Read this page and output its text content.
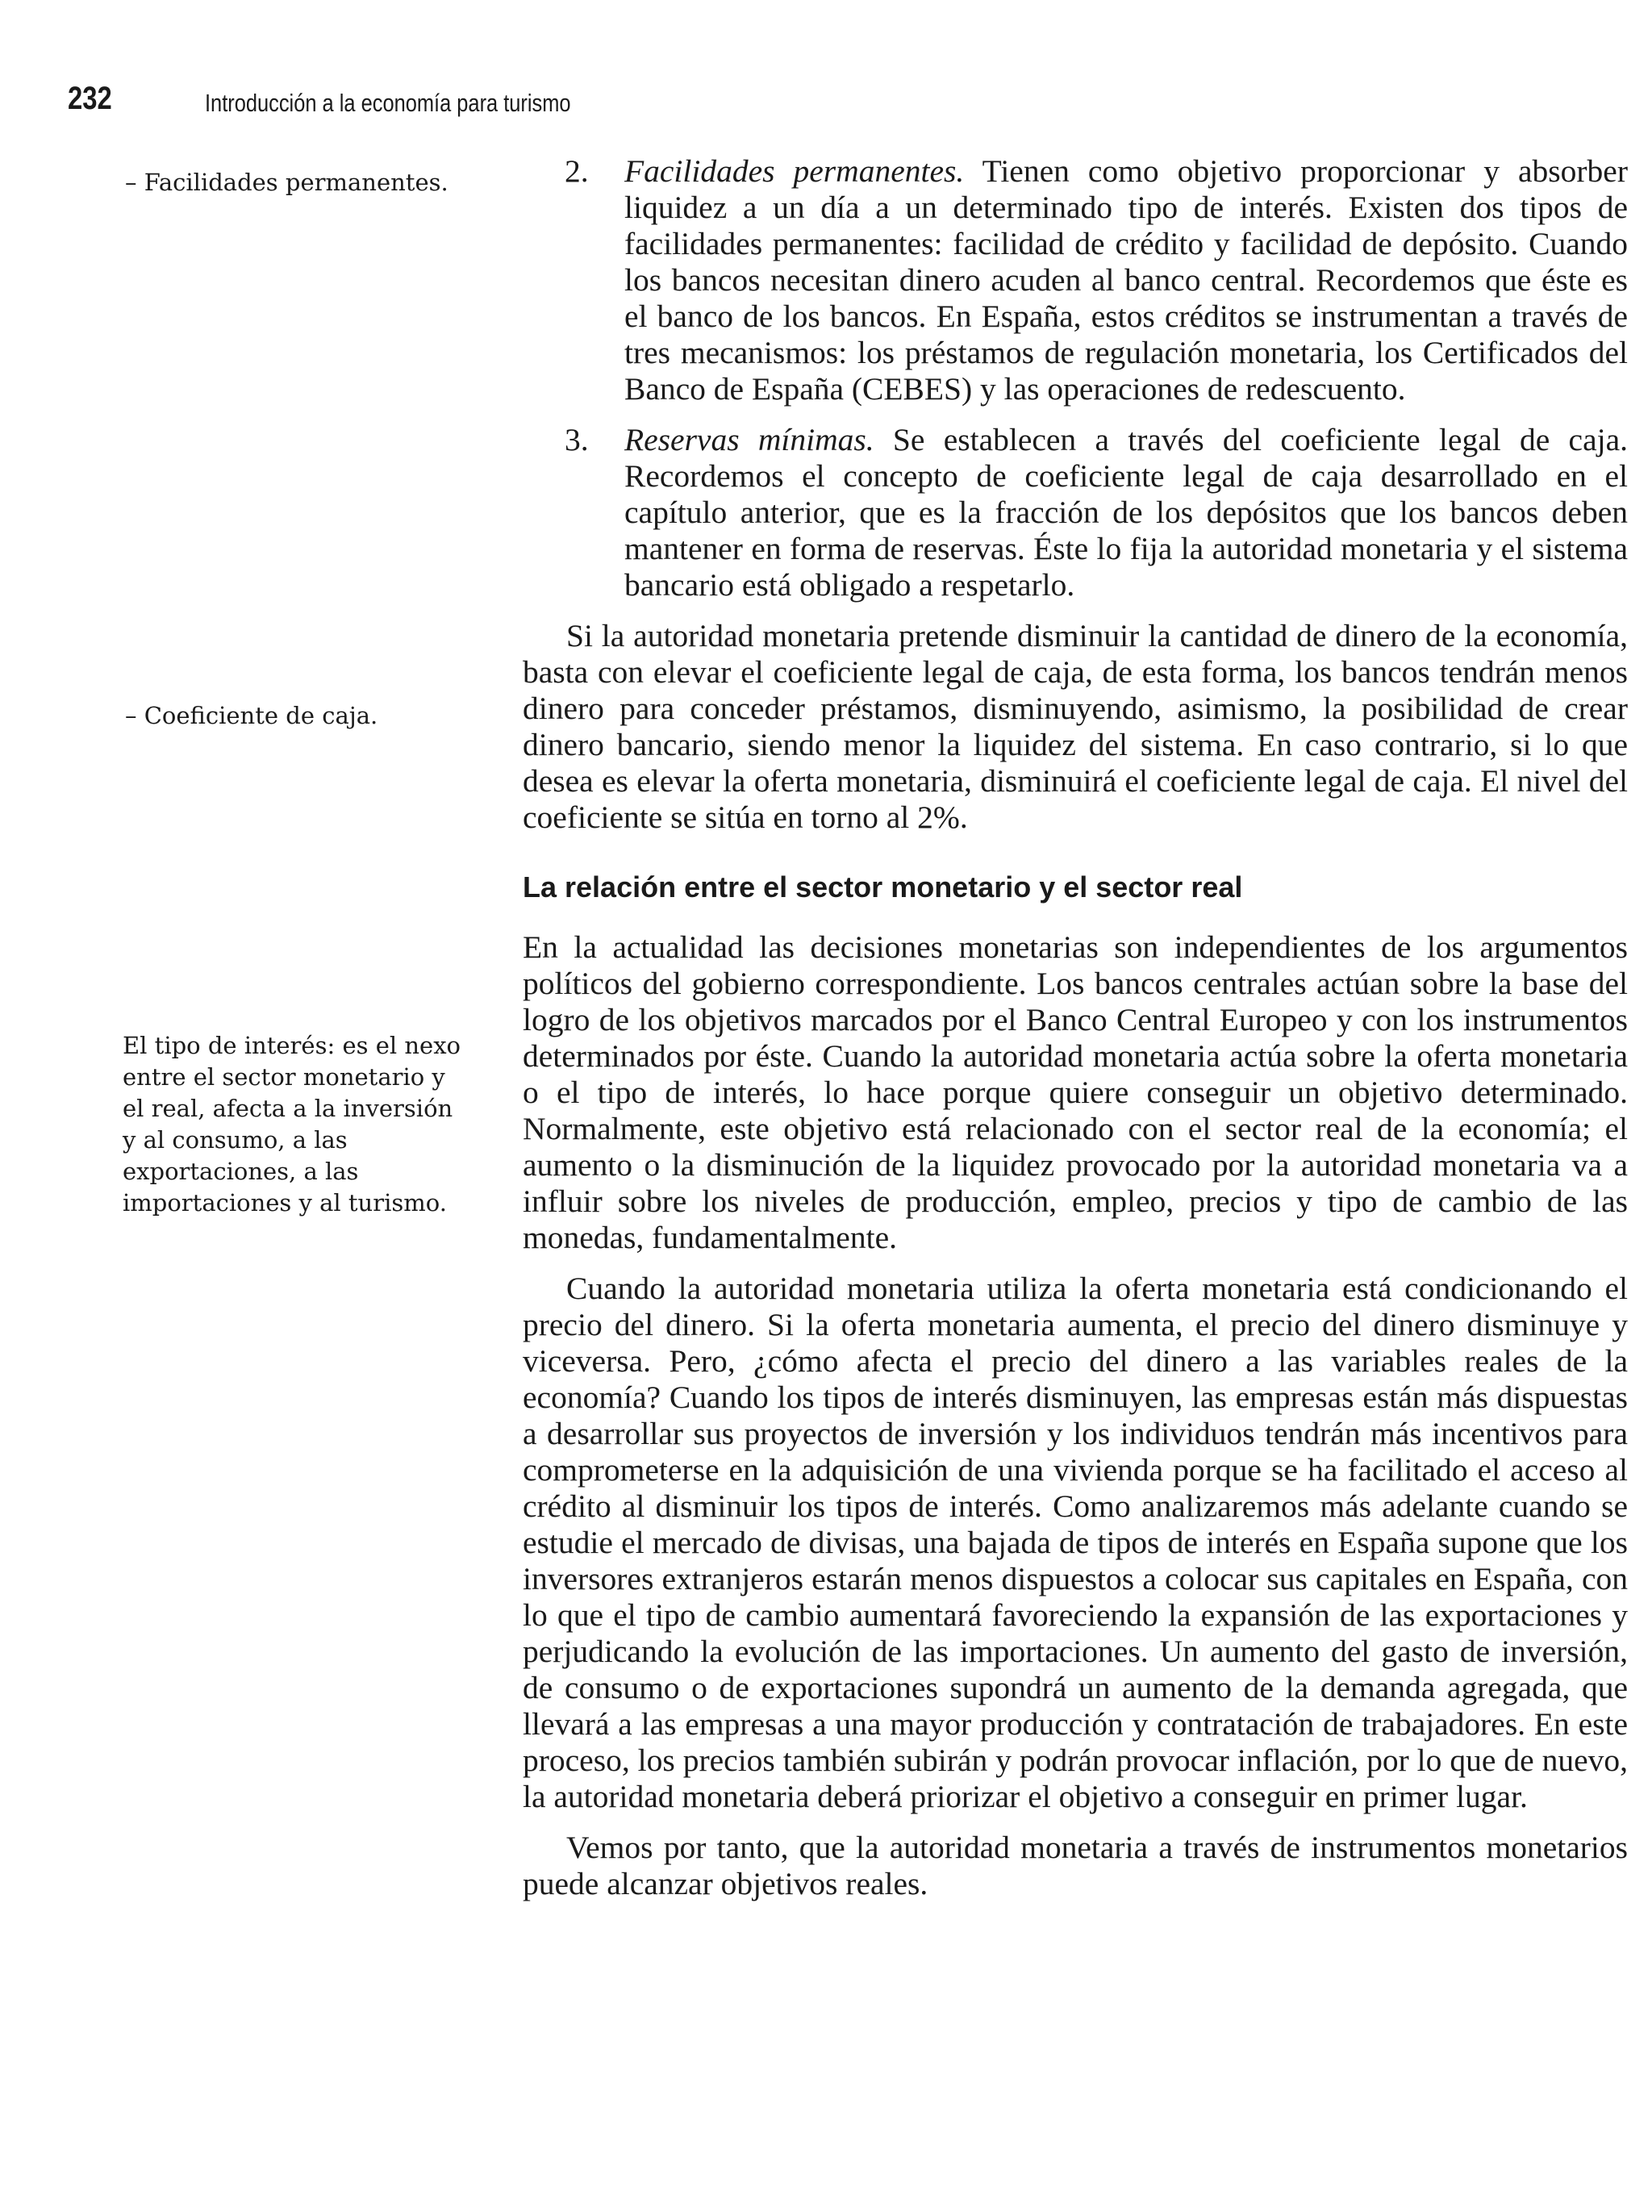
232	Introducción a la economía para turismo
– Facilidades permanentes.
– Coeficiente de caja.
El tipo de interés: es el nexo entre el sector monetario y el real, afecta a la inversión y al consumo, a las exportaciones, a las importaciones y al turismo.
2. Facilidades permanentes. Tienen como objetivo proporcionar y absorber liquidez a un día a un determinado tipo de interés. Existen dos tipos de facilidades permanentes: facilidad de crédito y facilidad de depósito. Cuando los bancos necesitan dinero acuden al banco central. Recordemos que éste es el banco de los bancos. En España, estos créditos se instrumentan a través de tres mecanismos: los préstamos de regulación monetaria, los Certificados del Banco de España (CEBES) y las operaciones de redescuento.
3. Reservas mínimas. Se establecen a través del coeficiente legal de caja. Recordemos el concepto de coeficiente legal de caja desarrollado en el capítulo anterior, que es la fracción de los depósitos que los bancos deben mantener en forma de reservas. Éste lo fija la autoridad monetaria y el sistema bancario está obligado a respetarlo.

Si la autoridad monetaria pretende disminuir la cantidad de dinero de la economía, basta con elevar el coeficiente legal de caja, de esta forma, los bancos tendrán menos dinero para conceder préstamos, disminuyendo, asimismo, la posibilidad de crear dinero bancario, siendo menor la liquidez del sistema. En caso contrario, si lo que desea es elevar la oferta monetaria, disminuirá el coeficiente legal de caja. El nivel del coeficiente se sitúa en torno al 2%.

La relación entre el sector monetario y el sector real

En la actualidad las decisiones monetarias son independientes de los argumentos políticos del gobierno correspondiente. Los bancos centrales actúan sobre la base del logro de los objetivos marcados por el Banco Central Europeo y con los instrumentos determinados por éste. Cuando la autoridad monetaria actúa sobre la oferta monetaria o el tipo de interés, lo hace porque quiere conseguir un objetivo determinado. Normalmente, este objetivo está relacionado con el sector real de la economía; el aumento o la disminución de la liquidez provocado por la autoridad monetaria va a influir sobre los niveles de producción, empleo, precios y tipo de cambio de las monedas, fundamentalmente.

Cuando la autoridad monetaria utiliza la oferta monetaria está condicionando el precio del dinero. Si la oferta monetaria aumenta, el precio del dinero disminuye y viceversa. Pero, ¿cómo afecta el precio del dinero a las variables reales de la economía? Cuando los tipos de interés disminuyen, las empresas están más dispuestas a desarrollar sus proyectos de inversión y los individuos tendrán más incentivos para comprometerse en la adquisición de una vivienda porque se ha facilitado el acceso al crédito al disminuir los tipos de interés. Como analizaremos más adelante cuando se estudie el mercado de divisas, una bajada de tipos de interés en España supone que los inversores extranjeros estarán menos dispuestos a colocar sus capitales en España, con lo que el tipo de cambio aumentará favoreciendo la expansión de las exportaciones y perjudicando la evolución de las importaciones. Un aumento del gasto de inversión, de consumo o de exportaciones supondrá un aumento de la demanda agregada, que llevará a las empresas a una mayor producción y contratación de trabajadores. En este proceso, los precios también subirán y podrán provocar inflación, por lo que de nuevo, la autoridad monetaria deberá priorizar el objetivo a conseguir en primer lugar.

Vemos por tanto, que la autoridad monetaria a través de instrumentos monetarios puede alcanzar objetivos reales.
